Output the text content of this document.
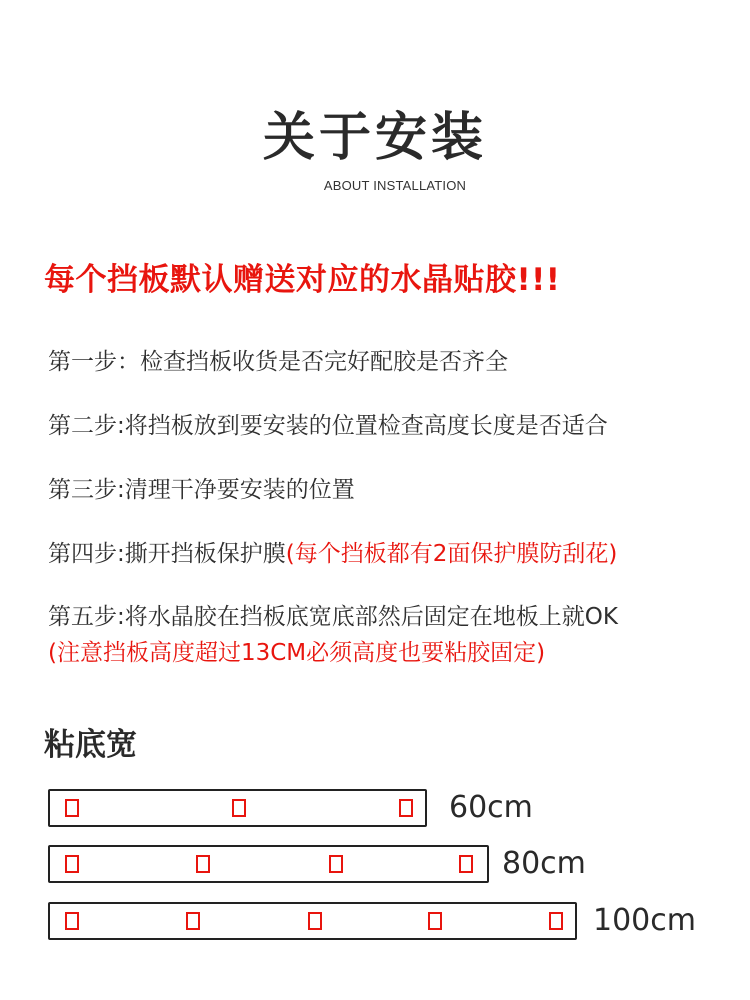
关于安装
ABOUT INSTALLATION
每个挡板默认赠送对应的水晶贴胶!!!
第一步：检查挡板收货是否完好配胶是否齐全
第二步:将挡板放到要安装的位置检查高度长度是否适合
第三步:清理干净要安装的位置
第四步:撕开挡板保护膜(每个挡板都有2面保护膜防刮花)
第五步:将水晶胶在挡板底宽底部然后固定在地板上就OK
(注意挡板高度超过13CM必须高度也要粘胶固定)
粘底宽
60cm
80cm
100cm
